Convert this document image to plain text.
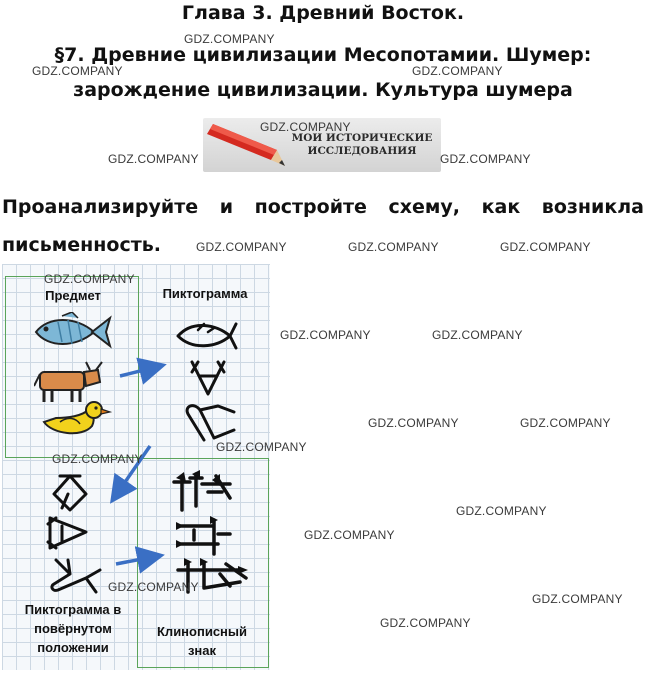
Глава 3. Древний Восток.
§7. Древние цивилизации Месопотамии. Шумер:
зарождение цивилизации. Культура шумера
МОИ ИСТОРИЧЕСКИЕ ИССЛЕДОВАНИЯ
Проанализируйте и постройте схему, как возникла письменность.
Предмет	Пиктограмма
Пиктограмма в повёрнутом положении
Клинописный знак
GDZ.COMPANY
GDZ.COMPANY	GDZ.COMPANY
GDZ.COMPANY
GDZ.COMPANY	GDZ.COMPANY
GDZ.COMPANY	GDZ.COMPANY	GDZ.COMPANY
GDZ.COMPANY
GDZ.COMPANY	GDZ.COMPANY
GDZ.COMPANY	GDZ.COMPANY
GDZ.COMPANY
GDZ.COMPANY
GDZ.COMPANY
GDZ.COMPANY
GDZ.COMPANY
GDZ.COMPANY
GDZ.COMPANY
